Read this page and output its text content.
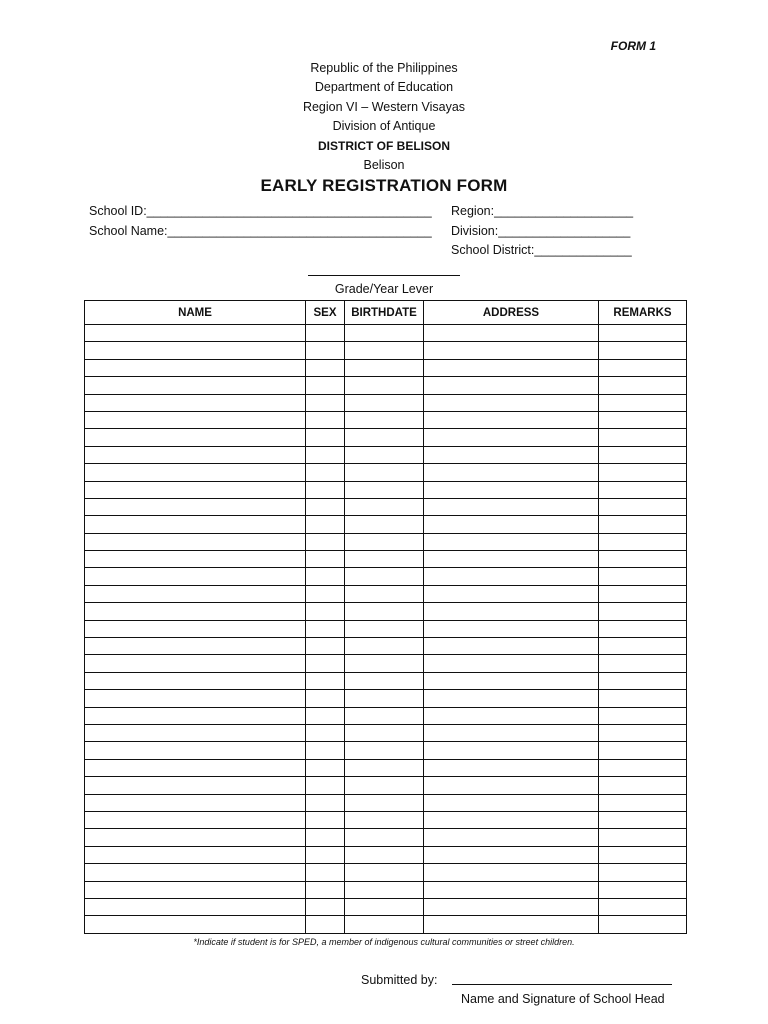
FORM 1
Republic of the Philippines
Department of Education
Region VI – Western Visayas
Division of Antique
DISTRICT OF BELISON
Belison
EARLY REGISTRATION FORM
School ID:_________________________________________
School Name:______________________________________
Region:____________________
Division:___________________
School District:______________
Grade/Year Lever
NAME	SEX	BIRTHDATE	ADDRESS	REMARKS

*Indicate if student is for SPED, a member of indigenous cultural communities or street children.
Submitted by:
Name and Signature of School Head
